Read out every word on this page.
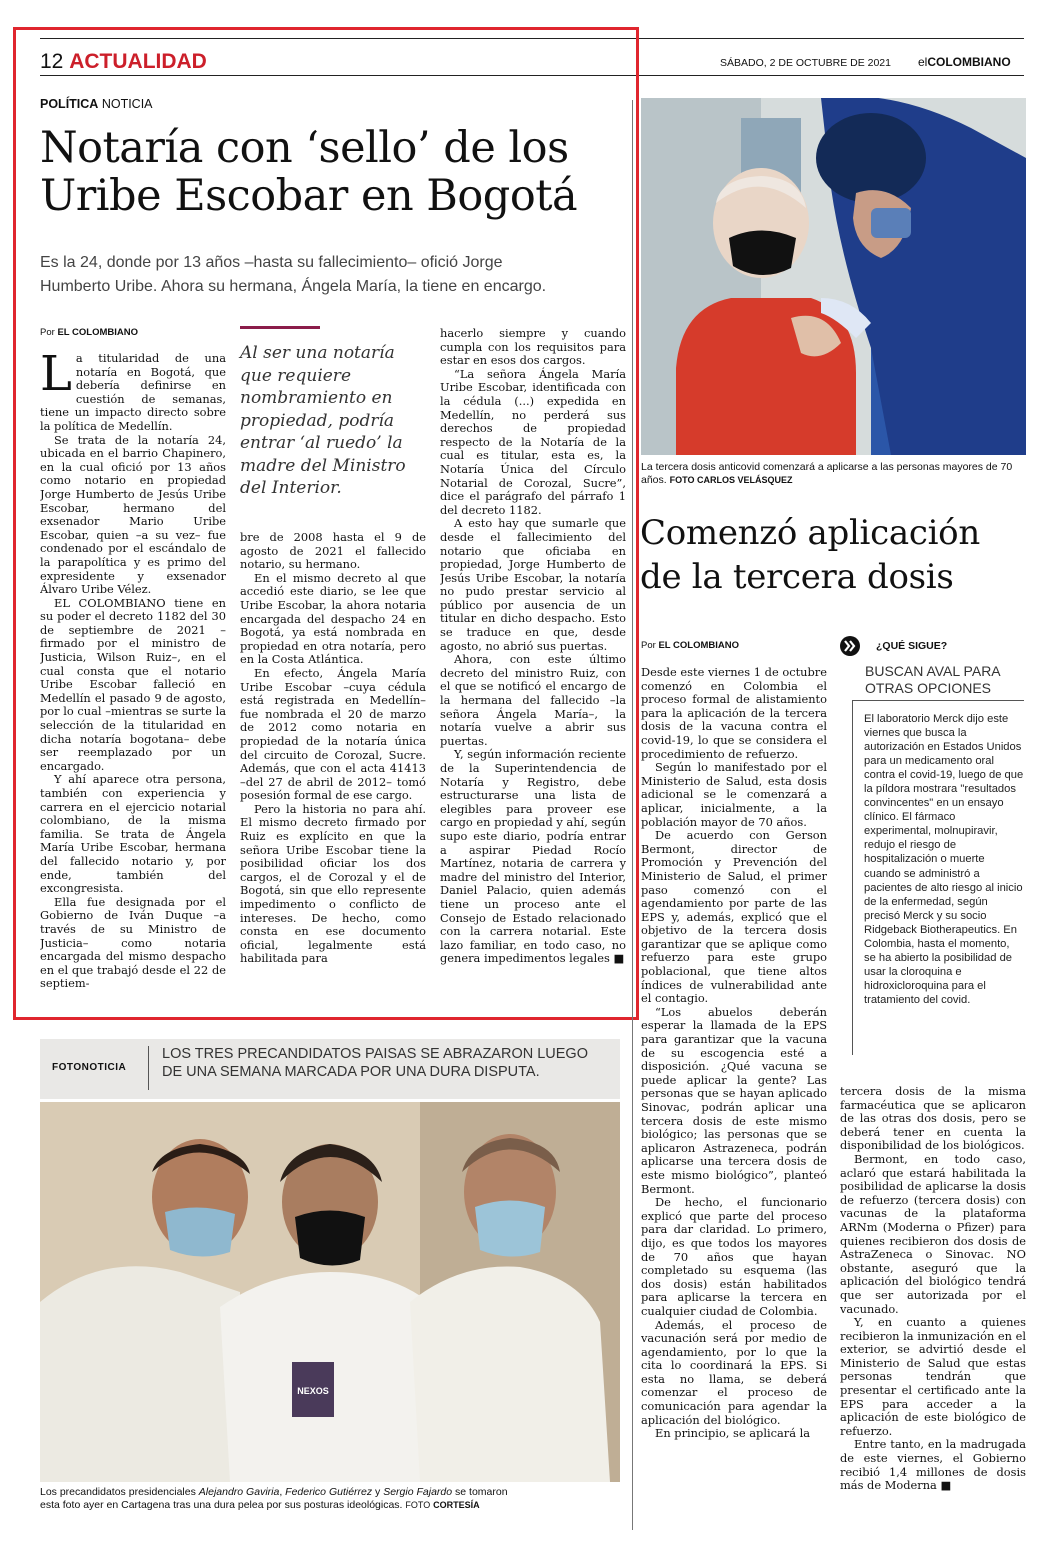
12 ACTUALIDAD	SÁBADO, 2 DE OCTUBRE DE 2021 elCOLOMBIANO
POLÍTICA NOTICIA
Notaría con ‘sello’ de los
Uribe Escobar en Bogotá
Es la 24, donde por 13 años –hasta su fallecimiento– ofició Jorge
Humberto Uribe. Ahora su hermana, Ángela María, la tiene en encargo.
Por EL COLOMBIANO
L a titularidad de una notaría en Bogotá, que debería definirse en cuestión de semanas, tiene un impacto directo sobre la política de Medellín.

Se trata de la notaría 24, ubicada en el barrio Chapinero, en la cual ofició por 13 años como notario en propiedad Jorge Humberto de Jesús Uribe Escobar, hermano del exsenador Mario Uribe Escobar, quien –a su vez– fue condenado por el escándalo de la parapolítica y es primo del expresidente y exsenador Álvaro Uribe Vélez.

EL COLOMBIANO tiene en su poder el decreto 1182 del 30 de septiembre de 2021 –firmado por el ministro de Justicia, Wilson Ruiz–, en el cual consta que el notario Uribe Escobar falleció en Medellín el pasado 9 de agosto, por lo cual –mientras se surte la selección de la titularidad en dicha notaría bogotana– debe ser reemplazado por un encargado.

Y ahí aparece otra persona, también con experiencia y carrera en el ejercicio notarial colombiano, de la misma familia. Se trata de Ángela María Uribe Escobar, hermana del fallecido notario y, por ende, también del excongresista.

Ella fue designada por el Gobierno de Iván Duque –a través de su Ministro de Justicia– como notaria encargada del mismo despacho en el que trabajó desde el 22 de septiem-

Al ser una notaría que requiere nombramiento en propiedad, podría entrar ‘al ruedo’ la madre del Ministro del Interior.

bre de 2008 hasta el 9 de agosto de 2021 el fallecido notario, su hermano.

En el mismo decreto al que accedió este diario, se lee que Uribe Escobar, la ahora notaria encargada del despacho 24 en Bogotá, ya está nombrada en propiedad en otra notaría, pero en la Costa Atlántica.

En efecto, Ángela María Uribe Escobar –cuya cédula está registrada en Medellín– fue nombrada el 20 de marzo de 2012 como notaria en propiedad de la notaría única del circuito de Corozal, Sucre. Además, que con el acta 41413 –del 27 de abril de 2012– tomó posesión formal de ese cargo.

Pero la historia no para ahí. El mismo decreto firmado por Ruiz es explícito en que la señora Uribe Escobar tiene la posibilidad oficiar los dos cargos, el de Corozal y el de Bogotá, sin que ello represente impedimento o conflicto de intereses. De hecho, como consta en ese documento oficial, legalmente está habilitada para

hacerlo siempre y cuando cumpla con los requisitos para estar en esos dos cargos.

“La señora Ángela María Uribe Escobar, identificada con la cédula (...) expedida en Medellín, no perderá sus derechos de propiedad respecto de la Notaría de la cual es titular, esta es, la Notaría Única del Círculo Notarial de Corozal, Sucre”, dice el parágrafo del párrafo 1 del decreto 1182.

A esto hay que sumarle que desde el fallecimiento del notario que oficiaba en propiedad, Jorge Humberto de Jesús Uribe Escobar, la notaría no pudo prestar servicio al público por ausencia de un titular en dicho despacho. Esto se traduce en que, desde agosto, no abrió sus puertas.

Ahora, con este último decreto del ministro Ruiz, con el que se notificó el encargo de la hermana del fallecido –la señora Ángela María–, la notaría vuelve a abrir sus puertas.

Y, según información reciente de la Superintendencia de Notaría y Registro, debe estructurarse una lista de elegibles para proveer ese cargo en propiedad y ahí, según supo este diario, podría entrar a aspirar Piedad Rocío Martínez, notaria de carrera y madre del ministro del Interior, Daniel Palacio, quien además tiene un proceso ante el Consejo de Estado relacionado con la carrera notarial. Este lazo familiar, en todo caso, no genera impedimentos legales ■

La tercera dosis anticovid comenzará a aplicarse a las personas mayores de 70 años. FOTO CARLOS VELÁSQUEZ
Comenzó aplicación
de la tercera dosis
Por EL COLOMBIANO

Desde este viernes 1 de octubre comenzó en Colombia el proceso formal de alistamiento para la aplicación de la tercera dosis de la vacuna contra el covid-19, lo que se considera el procedimiento de refuerzo.

Según lo manifestado por el Ministerio de Salud, esta dosis adicional se le comenzará a aplicar, inicialmente, a la población mayor de 70 años.

De acuerdo con Gerson Bermont, director de Promoción y Prevención del Ministerio de Salud, el primer paso comenzó con el agendamiento por parte de las EPS y, además, explicó que el objetivo de la tercera dosis garantizar que se aplique como refuerzo para este grupo poblacional, que tiene altos índices de vulnerabilidad ante el contagio.

“Los abuelos deberán esperar la llamada de la EPS para garantizar que la vacuna de su escogencia esté a disposición. ¿Qué vacuna se puede aplicar la gente? Las personas que se hayan aplicado Sinovac, podrán aplicar una tercera dosis de este mismo biológico; las personas que se aplicaron Astrazeneca, podrán aplicarse una tercera dosis de este mismo biológico”, planteó Bermont.

De hecho, el funcionario explicó que parte del proceso para dar claridad. Lo primero, dijo, es que todos los mayores de 70 años que hayan completado su esquema (las dos dosis) están habilitados para aplicarse la tercera en cualquier ciudad de Colombia.

Además, el proceso de vacunación será por medio de agendamiento, por lo que la cita lo coordinará la EPS. Si esta no llama, se deberá comenzar el proceso de comunicación para agendar la aplicación del biológico.

En principio, se aplicará la

¿QUÉ SIGUE?
BUSCAN AVAL PARA
OTRAS OPCIONES
El laboratorio Merck dijo este viernes que busca la autorización en Estados Unidos para un medicamento oral contra el covid-19, luego de que la píldora mostrara "resultados convincentes" en un ensayo clínico. El fármaco experimental, molnupiravir, redujo el riesgo de hospitalización o muerte cuando se administró a pacientes de alto riesgo al inicio de la enfermedad, según precisó Merck y su socio Ridgeback Biotherapeutics. En Colombia, hasta el momento, se ha abierto la posibilidad de usar la cloroquina e hidroxicloroquina para el tratamiento del covid.

tercera dosis de la misma farmacéutica que se aplicaron de las otras dos dosis, pero se deberá tener en cuenta la disponibilidad de los biológicos.

Bermont, en todo caso, aclaró que estará habilitada la posibilidad de aplicarse la dosis de refuerzo (tercera dosis) con vacunas de la plataforma ARNm (Moderna o Pfizer) para quienes recibieron dos dosis de AstraZeneca o Sinovac. NO obstante, aseguró que la aplicación del biológico tendrá que ser autorizada por el vacunado.

Y, en cuanto a quienes recibieron la inmunización en el exterior, se advirtió desde el Ministerio de Salud que estas personas tendrán que presentar el certificado ante la EPS para acceder a la aplicación de este biológico de refuerzo.

Entre tanto, en la madrugada de este viernes, el Gobierno recibió 1,4 millones de dosis más de Moderna ■

FOTONOTICIA
LOS TRES PRECANDIDATOS PAISAS SE ABRAZARON LUEGO
DE UNA SEMANA MARCADA POR UNA DURA DISPUTA.
NEXOS
Los precandidatos presidenciales Alejandro Gaviria, Federico Gutiérrez y Sergio Fajardo se tomaron
esta foto ayer en Cartagena tras una dura pelea por sus posturas ideológicas. FOTO CORTESÍA
